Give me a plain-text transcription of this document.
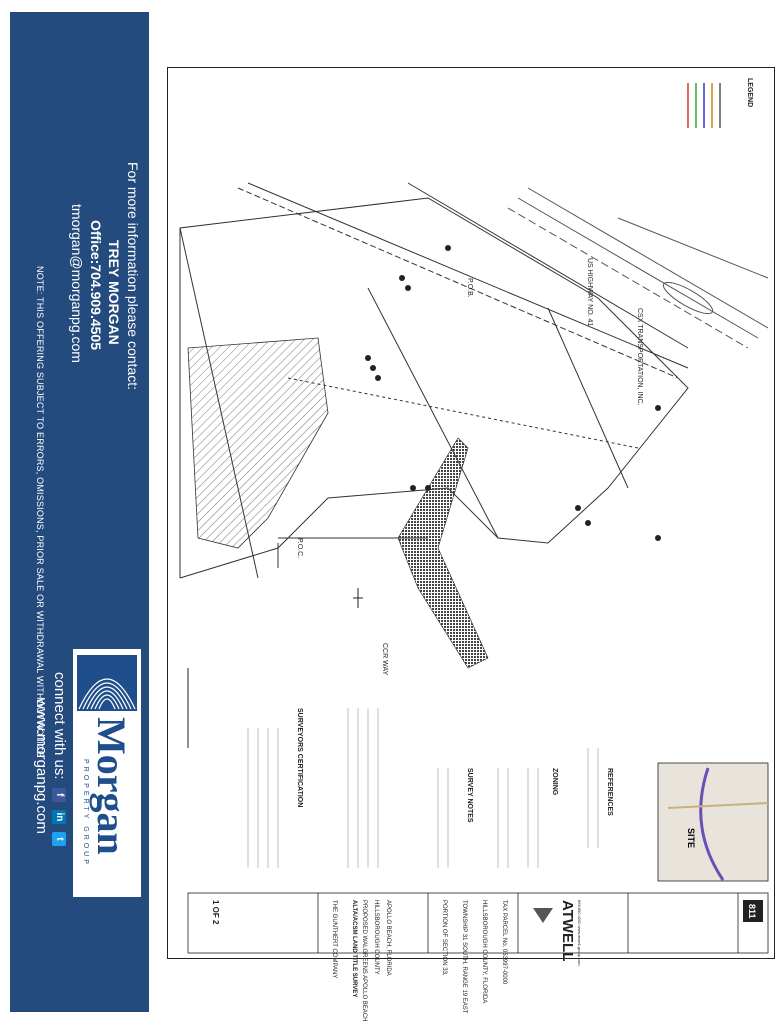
For more information please contact:
TREY MORGAN
Office:704.909.4505
tmorgan@morganpg.com
NOTE: THIS OFFERING SUBJECT TO ERRORS, OMISSIONS, PRIOR SALE OR WITHDRAWAL WITHOUT NOTICE
Morgan
PROPERTY GROUP
connect with us: f in t
www.morganpg.com
US HIGHWAY NO. 41
CSX TRANSPORTATION, INC.
P.O.B.
P.O.C.
CCR WAY
SURVEYORS CERTIFICATION	SURVEY NOTES	ZONING	REFERENCES
LEGEND
SITE
THE GUNTHERT COMPANY ALTA/ACSM LAND TITLE SURVEY PROPOSED WALGREENS APOLLO BEACH HILLSBOROUGH COUNTY APOLLO BEACH, FLORIDA	PORTION OF SECTION 33, TOWNSHIP 31 SOUTH, RANGE 19 EAST HILLSBOROUGH COUNTY, FLORIDA TAX PARCEL No. 053997-0000
1 OF 2	ATWELL 866.850.4200 www.atwell-group.com	811
